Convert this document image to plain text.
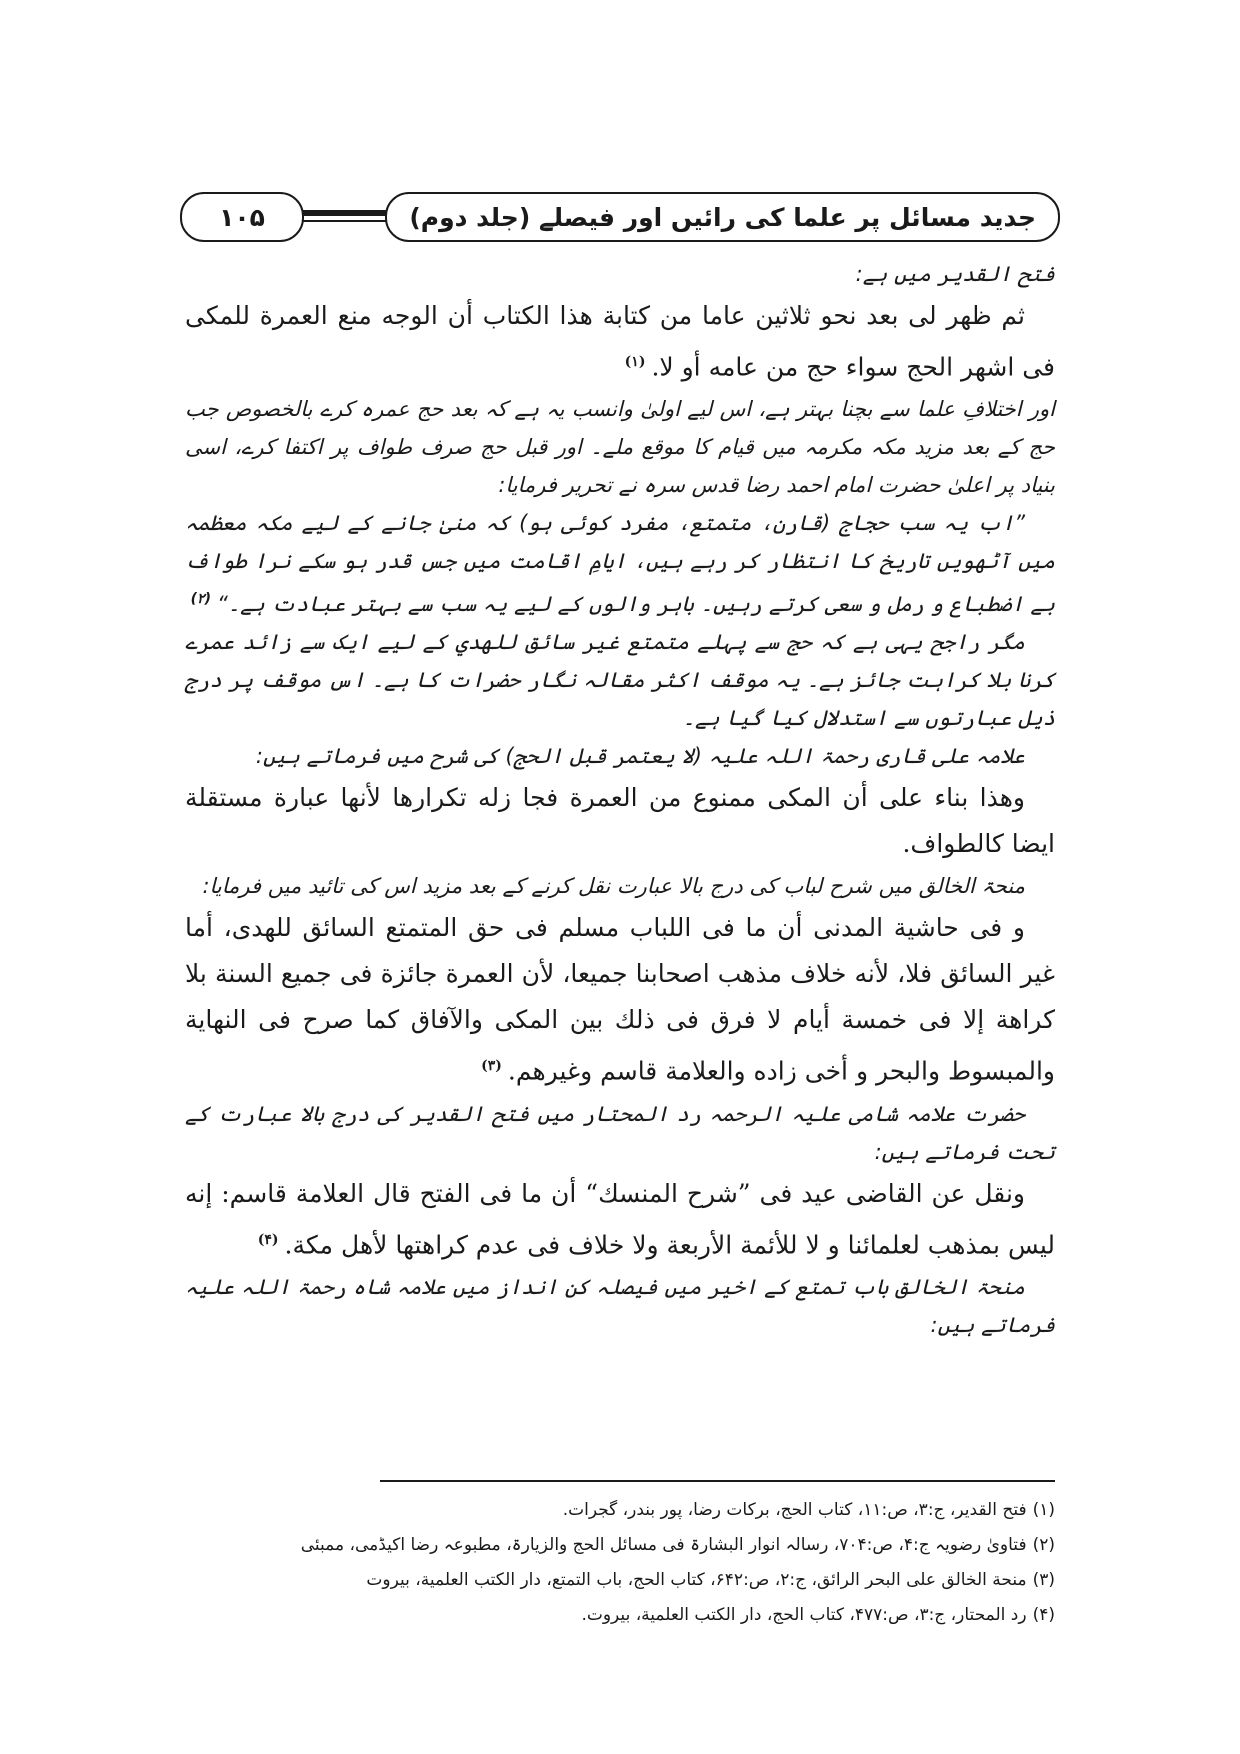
۱۰۵	جدید مسائل پر علما کی رائیں اور فیصلے (جلد دوم)

فتح القدیر میں ہے:

ثم ظهر لی بعد نحو ثلاثین عاما من کتابة هذا الکتاب أن الوجه منع العمرة للمکی فی اشهر الحج سواء حج من عامه أو لا.$^{(۱)}$

اور اختلافِ علما سے بچنا بہتر ہے، اس لیے اولیٰ وانسب یہ ہے کہ بعد حج عمرہ کرے بالخصوص جب حج کے بعد مزید مکہ مکرمہ میں قیام کا موقع ملے۔ اور قبل حج صرف طواف پر اکتفا کرے، اسی بنیاد پر اعلیٰ حضرت امام احمد رضا قدس سرہ نے تحریر فرمایا:

”اب یہ سب حجاج (قارن، متمتع، مفرد کوئی ہو) کہ منیٰ جانے کے لیے مکہ معظمہ میں آٹھویں تاریخ کا انتظار کر رہے ہیں، ایامِ اقامت میں جس قدر ہو سکے نرا طواف بے اضطباع و رمل و سعی کرتے رہیں۔ باہر والوں کے لیے یہ سب سے بہتر عبادت ہے۔“$^{(۲)}$

مگر راجح یہی ہے کہ حج سے پہلے متمتع غیر سائق للهدي کے لیے ایک سے زائد عمرے کرنا بلا کراہت جائز ہے۔ یہ موقف اکثر مقالہ نگار حضرات کا ہے۔ اس موقف پر درج ذیل عبارتوں سے استدلال کیا گیا ہے۔

علامہ علی قاری رحمۃ اللہ علیہ (لا یعتمر قبل الحج) کی شرح میں فرماتے ہیں:

وهذا بناء علی أن المکی ممنوع من العمرة فجا زله تکرارها لأنها عبارة مستقلة ایضا کالطواف.

منحۃ الخالق میں شرح لباب کی درج بالا عبارت نقل کرنے کے بعد مزید اس کی تائید میں فرمایا:

و فی حاشیة المدنی أن ما فی اللباب مسلم فی حق المتمتع السائق للهدی، أما غیر السائق فلا، لأنه خلاف مذهب اصحابنا جمیعا، لأن العمرة جائزة فی جمیع السنة بلا کراهة إلا فی خمسة أیام لا فرق فی ذلك بین المکی والآفاق کما صرح فی النهایة والمبسوط والبحر و أخی زاده والعلامة قاسم وغیرهم.$^{(۳)}$

حضرت علامہ شامی علیہ الرحمہ رد المحتار میں فتح القدیر کی درج بالا عبارت کے تحت فرماتے ہیں:

ونقل عن القاضی عید فی ”شرح المنسك“ أن ما فی الفتح قال العلامة قاسم: إنه لیس بمذهب لعلمائنا و لا للأئمة الأربعة ولا خلاف فی عدم کراهتها لأهل مکة.$^{(۴)}$

منحۃ الخالق باب تمتع کے اخیر میں فیصلہ کن انداز میں علامہ شاہ رحمۃ اللہ علیہ فرماتے ہیں:

(۱)فتح القدیر، ج:۳، ص:۱۱، کتاب الحج، برکات رضا، پور بندر، گجرات.
(۲)فتاویٰ رضویہ ج:۴، ص:۷۰۴، رسالہ انوار البشارۃ فی مسائل الحج والزیارۃ، مطبوعہ رضا اکیڈمی، ممبئی
(۳)منحة الخالق علی البحر الرائق، ج:۲، ص:۶۴۲، کتاب الحج، باب التمتع، دار الکتب العلمية، بیروت
(۴)رد المحتار، ج:۳، ص:۴۷۷، کتاب الحج، دار الکتب العلمية، بیروت.
